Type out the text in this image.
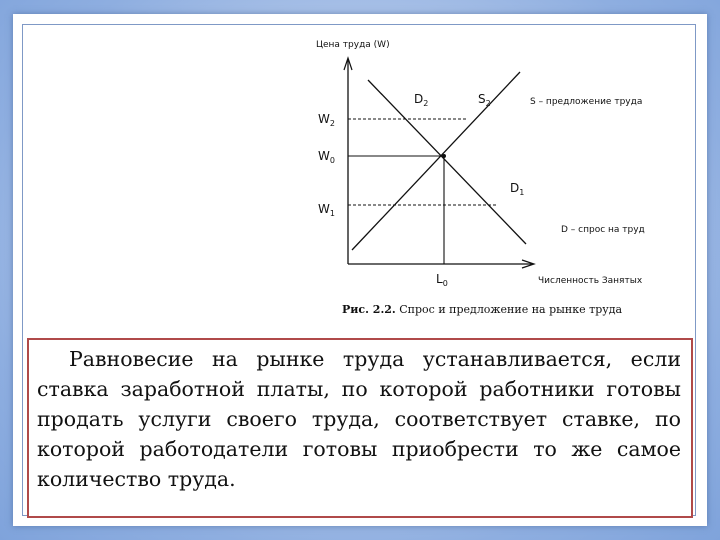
Цена труда (W)
Численность Занятых
$W_2$
$W_0$
$W_1$
$L_0$
$D_2$	$S_2$
$D_1$
S – предложение труда
D – спрос на труд
Рис. 2.2. Спрос и предложение на рынке труда

Равновесие на рынке труда устанавливается, если ставка заработной платы, по которой работники готовы продать услуги своего труда, соответствует ставке, по которой работодатели готовы приобрести то же самое количество труда.
